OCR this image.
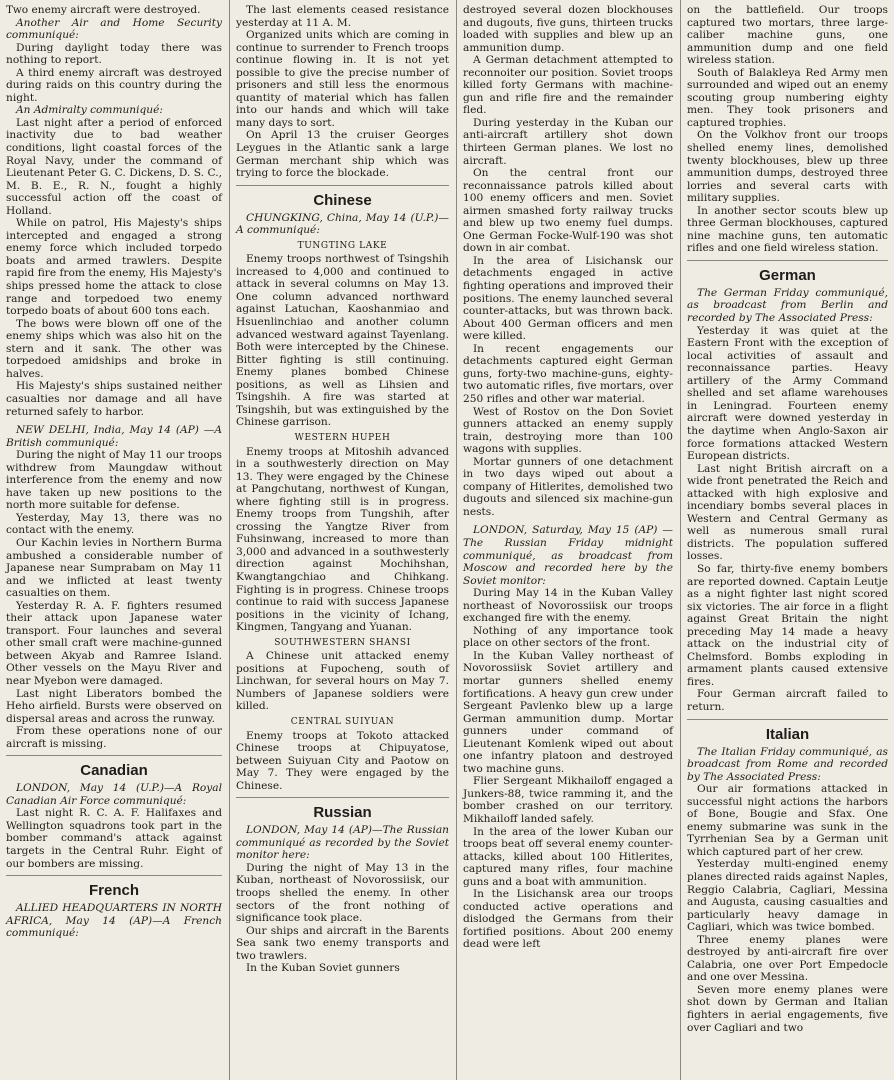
Two enemy aircraft were destroyed.

Another Air and Home Security communiqué:

During daylight today there was nothing to report.

A third enemy aircraft was destroyed during raids on this country during the night.

An Admiralty communiqué:

Last night after a period of enforced inactivity due to bad weather conditions, light coastal forces of the Royal Navy, under the command of Lieutenant Peter G. C. Dickens, D. S. C., M. B. E., R. N., fought a highly successful action off the coast of Holland.

While on patrol, His Majesty's ships intercepted and engaged a strong enemy force which included torpedo boats and armed trawlers. Despite rapid fire from the enemy, His Majesty's ships pressed home the attack to close range and torpedoed two enemy torpedo boats of about 600 tons each.

The bows were blown off one of the enemy ships which was also hit on the stern and it sank. The other was torpedoed amidships and broke in halves.

His Majesty's ships sustained neither casualties nor damage and all have returned safely to harbor.

NEW DELHI, India, May 14 (AP) —A British communiqué:

During the night of May 11 our troops withdrew from Maungdaw without interference from the enemy and now have taken up new positions to the north more suitable for defense.

Yesterday, May 13, there was no contact with the enemy.

Our Kachin levies in Northern Burma ambushed a considerable number of Japanese near Sumprabam on May 11 and we inflicted at least twenty casualties on them.

Yesterday R. A. F. fighters resumed their attack upon Japanese water transport. Four launches and several other small craft were machine-gunned between Akyab and Ramree Island. Other vessels on the Mayu River and near Myebon were damaged.

Last night Liberators bombed the Heho airfield. Bursts were observed on dispersal areas and across the runway.

From these operations none of our aircraft is missing.

Canadian

LONDON, May 14 (U.P.)—A Royal Canadian Air Force communiqué:

Last night R. C. A. F. Halifaxes and Wellington squadrons took part in the bomber command's attack against targets in the Central Ruhr. Eight of our bombers are missing.

French

ALLIED HEADQUARTERS IN NORTH AFRICA, May 14 (AP)—A French communiqué:

The last elements ceased resistance yesterday at 11 A. M.

Organized units which are coming in continue to surrender to French troops continue flowing in. It is not yet possible to give the precise number of prisoners and still less the enormous quantity of material which has fallen into our hands and which will take many days to sort.

On April 13 the cruiser Georges Leygues in the Atlantic sank a large German merchant ship which was trying to force the blockade.

Chinese

CHUNGKING, China, May 14 (U.P.)—A communiqué:

TUNGTING LAKE

Enemy troops northwest of Tsingshih increased to 4,000 and continued to attack in several columns on May 13. One column advanced northward against Latuchan, Kaoshanmiao and Hsuenlinchiao and another column advanced westward against Tayenlang. Both were intercepted by the Chinese. Bitter fighting is still continuing. Enemy planes bombed Chinese positions, as well as Lihsien and Tsingshih. A fire was started at Tsingshih, but was extinguished by the Chinese garrison.

WESTERN HUPEH

Enemy troops at Mitoshih advanced in a southwesterly direction on May 13. They were engaged by the Chinese at Pangchutang, northwest of Kungan, where fighting still is in progress. Enemy troops from Tungshih, after crossing the Yangtze River from Fuhsinwang, increased to more than 3,000 and advanced in a southwesterly direction against Mochihshan, Kwangtangchiao and Chihkang. Fighting is in progress. Chinese troops continue to raid with success Japanese positions in the vicinity of Ichang, Kingmen, Tangyang and Yuanan.

SOUTHWESTERN SHANSI

A Chinese unit attacked enemy positions at Fupocheng, south of Linchwan, for several hours on May 7. Numbers of Japanese soldiers were killed.

CENTRAL SUIYUAN

Enemy troops at Tokoto attacked Chinese troops at Chipuyatose, between Suiyuan City and Paotow on May 7. They were engaged by the Chinese.

Russian

LONDON, May 14 (AP)—The Russian communiqué as recorded by the Soviet monitor here:

During the night of May 13 in the Kuban, northeast of Novorossiisk, our troops shelled the enemy. In other sectors of the front nothing of significance took place.

Our ships and aircraft in the Barents Sea sank two enemy transports and two trawlers.

In the Kuban Soviet gunners

destroyed several dozen blockhouses and dugouts, five guns, thirteen trucks loaded with supplies and blew up an ammunition dump.

A German detachment attempted to reconnoiter our position. Soviet troops killed forty Germans with machine-gun and rifle fire and the remainder fled.

During yesterday in the Kuban our anti-aircraft artillery shot down thirteen German planes. We lost no aircraft.

On the central front our reconnaissance patrols killed about 100 enemy officers and men. Soviet airmen smashed forty railway trucks and blew up two enemy fuel dumps. One German Focke-Wulf-190 was shot down in air combat.

In the area of Lisichansk our detachments engaged in active fighting operations and improved their positions. The enemy launched several counter-attacks, but was thrown back. About 400 German officers and men were killed.

In recent engagements our detachments captured eight German guns, forty-two machine-guns, eighty-two automatic rifles, five mortars, over 250 rifles and other war material.

West of Rostov on the Don Soviet gunners attacked an enemy supply train, destroying more than 100 wagons with supplies.

Mortar gunners of one detachment in two days wiped out about a company of Hitlerites, demolished two dugouts and silenced six machine-gun nests.

LONDON, Saturday, May 15 (AP) —The Russian Friday midnight communiqué, as broadcast from Moscow and recorded here by the Soviet monitor:

During May 14 in the Kuban Valley northeast of Novorossiisk our troops exchanged fire with the enemy.

Nothing of any importance took place on other sectors of the front.

In the Kuban Valley northeast of Novorossiisk Soviet artillery and mortar gunners shelled enemy fortifications. A heavy gun crew under Sergeant Pavlenko blew up a large German ammunition dump. Mortar gunners under command of Lieutenant Komlenk wiped out about one infantry platoon and destroyed two machine guns.

Flier Sergeant Mikhailoff engaged a Junkers-88, twice ramming it, and the bomber crashed on our territory. Mikhailoff landed safely.

In the area of the lower Kuban our troops beat off several enemy counter-attacks, killed about 100 Hitlerites, captured many rifles, four machine guns and a boat with ammunition.

In the Lisichansk area our troops conducted active operations and dislodged the Germans from their fortified positions. About 200 enemy dead were left

on the battlefield. Our troops captured two mortars, three large-caliber machine guns, one ammunition dump and one field wireless station.

South of Balakleya Red Army men surrounded and wiped out an enemy scouting group numbering eighty men. They took prisoners and captured trophies.

On the Volkhov front our troops shelled enemy lines, demolished twenty blockhouses, blew up three ammunition dumps, destroyed three lorries and several carts with military supplies.

In another sector scouts blew up three German blockhouses, captured nine machine guns, ten automatic rifles and one field wireless station.

German

The German Friday communiqué, as broadcast from Berlin and recorded by The Associated Press:

Yesterday it was quiet at the Eastern Front with the exception of local activities of assault and reconnaissance parties. Heavy artillery of the Army Command shelled and set aflame warehouses in Leningrad. Fourteen enemy aircraft were downed yesterday in the daytime when Anglo-Saxon air force formations attacked Western European districts.

Last night British aircraft on a wide front penetrated the Reich and attacked with high explosive and incendiary bombs several places in Western and Central Germany as well as numerous small rural districts. The population suffered losses.

So far, thirty-five enemy bombers are reported downed. Captain Leutje as a night fighter last night scored six victories. The air force in a flight against Great Britain the night preceding May 14 made a heavy attack on the industrial city of Chelmsford. Bombs exploding in armament plants caused extensive fires.

Four German aircraft failed to return.

Italian

The Italian Friday communiqué, as broadcast from Rome and recorded by The Associated Press:

Our air formations attacked in successful night actions the harbors of Bone, Bougie and Sfax. One enemy submarine was sunk in the Tyrrhenian Sea by a German unit which captured part of her crew.

Yesterday multi-engined enemy planes directed raids against Naples, Reggio Calabria, Cagliari, Messina and Augusta, causing casualties and particularly heavy damage in Cagliari, which was twice bombed.

Three enemy planes were destroyed by anti-aircraft fire over Calabria, one over Port Empedocle and one over Messina.

Seven more enemy planes were shot down by German and Italian fighters in aerial engagements, five over Cagliari and two
